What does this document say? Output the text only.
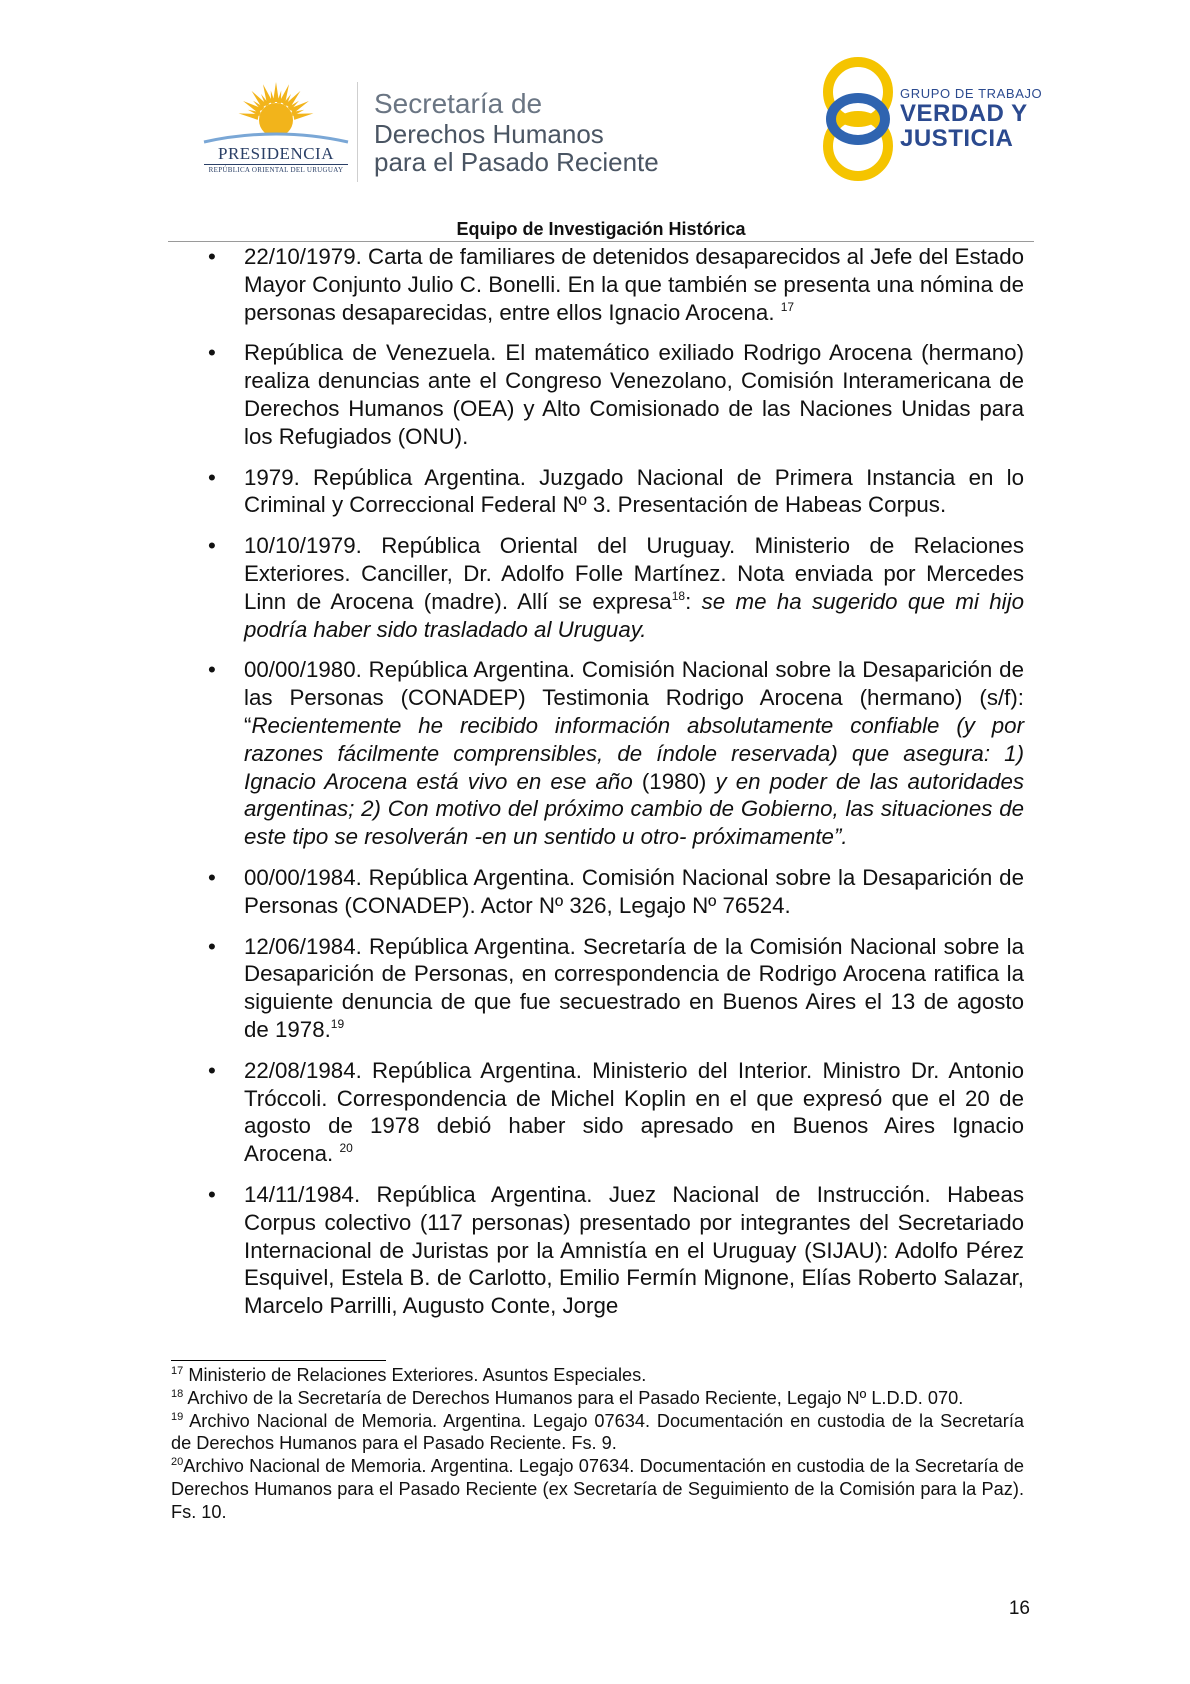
PRESIDENCIA
REPÚBLICA ORIENTAL DEL URUGUAY
Secretaría de
Derechos Humanos
para el Pasado Reciente
GRUPO DE TRABAJO
VERDAD Y
JUSTICIA
Equipo de Investigación Histórica
• 22/10/1979. Carta de familiares de detenidos desaparecidos al Jefe del Estado Mayor Conjunto Julio C. Bonelli. En la que también se presenta una nómina de personas desaparecidas, entre ellos Ignacio Arocena. $^{17}$
• República de Venezuela. El matemático exiliado Rodrigo Arocena (hermano) realiza denuncias ante el Congreso Venezolano, Comisión Interamericana de Derechos Humanos (OEA) y Alto Comisionado de las Naciones Unidas para los Refugiados (ONU).
• 1979. República Argentina. Juzgado Nacional de Primera Instancia en lo Criminal y Correccional Federal Nº 3. Presentación de Habeas Corpus.
• 10/10/1979. República Oriental del Uruguay. Ministerio de Relaciones Exteriores. Canciller, Dr. Adolfo Folle Martínez. Nota enviada por Mercedes Linn de Arocena (madre). Allí se expresa$^{18}$: se me ha sugerido que mi hijo podría haber sido trasladado al Uruguay.
• 00/00/1980. República Argentina. Comisión Nacional sobre la Desaparición de las Personas (CONADEP) Testimonia Rodrigo Arocena (hermano) (s/f): “Recientemente he recibido información absolutamente confiable (y por razones fácilmente comprensibles, de índole reservada) que asegura: 1) Ignacio Arocena está vivo en ese año (1980) y en poder de las autoridades argentinas; 2) Con motivo del próximo cambio de Gobierno, las situaciones de este tipo se resolverán -en un sentido u otro- próximamente”.
• 00/00/1984. República Argentina. Comisión Nacional sobre la Desaparición de Personas (CONADEP). Actor Nº 326, Legajo Nº 76524.
• 12/06/1984. República Argentina. Secretaría de la Comisión Nacional sobre la Desaparición de Personas, en correspondencia de Rodrigo Arocena ratifica la siguiente denuncia de que fue secuestrado en Buenos Aires el 13 de agosto de 1978.19
• 22/08/1984. República Argentina. Ministerio del Interior. Ministro Dr. Antonio Tróccoli. Correspondencia de Michel Koplin en el que expresó que el 20 de agosto de 1978 debió haber sido apresado en Buenos Aires Ignacio Arocena. $^{20}$
• 14/11/1984. República Argentina. Juez Nacional de Instrucción. Habeas Corpus colectivo (117 personas) presentado por integrantes del Secretariado Internacional de Juristas por la Amnistía en el Uruguay (SIJAU): Adolfo Pérez Esquivel, Estela B. de Carlotto, Emilio Fermín Mignone, Elías Roberto Salazar, Marcelo Parrilli, Augusto Conte, Jorge
$^{17}$ Ministerio de Relaciones Exteriores. Asuntos Especiales.
$^{18}$ Archivo de la Secretaría de Derechos Humanos para el Pasado Reciente, Legajo Nº L.D.D. 070.
$^{19}$ Archivo Nacional de Memoria. Argentina. Legajo 07634. Documentación en custodia de la Secretaría de Derechos Humanos para el Pasado Reciente. Fs. 9.
$^{20}$Archivo Nacional de Memoria. Argentina. Legajo 07634. Documentación en custodia de la Secretaría de Derechos Humanos para el Pasado Reciente (ex Secretaría de Seguimiento de la Comisión para la Paz). Fs. 10.
16
